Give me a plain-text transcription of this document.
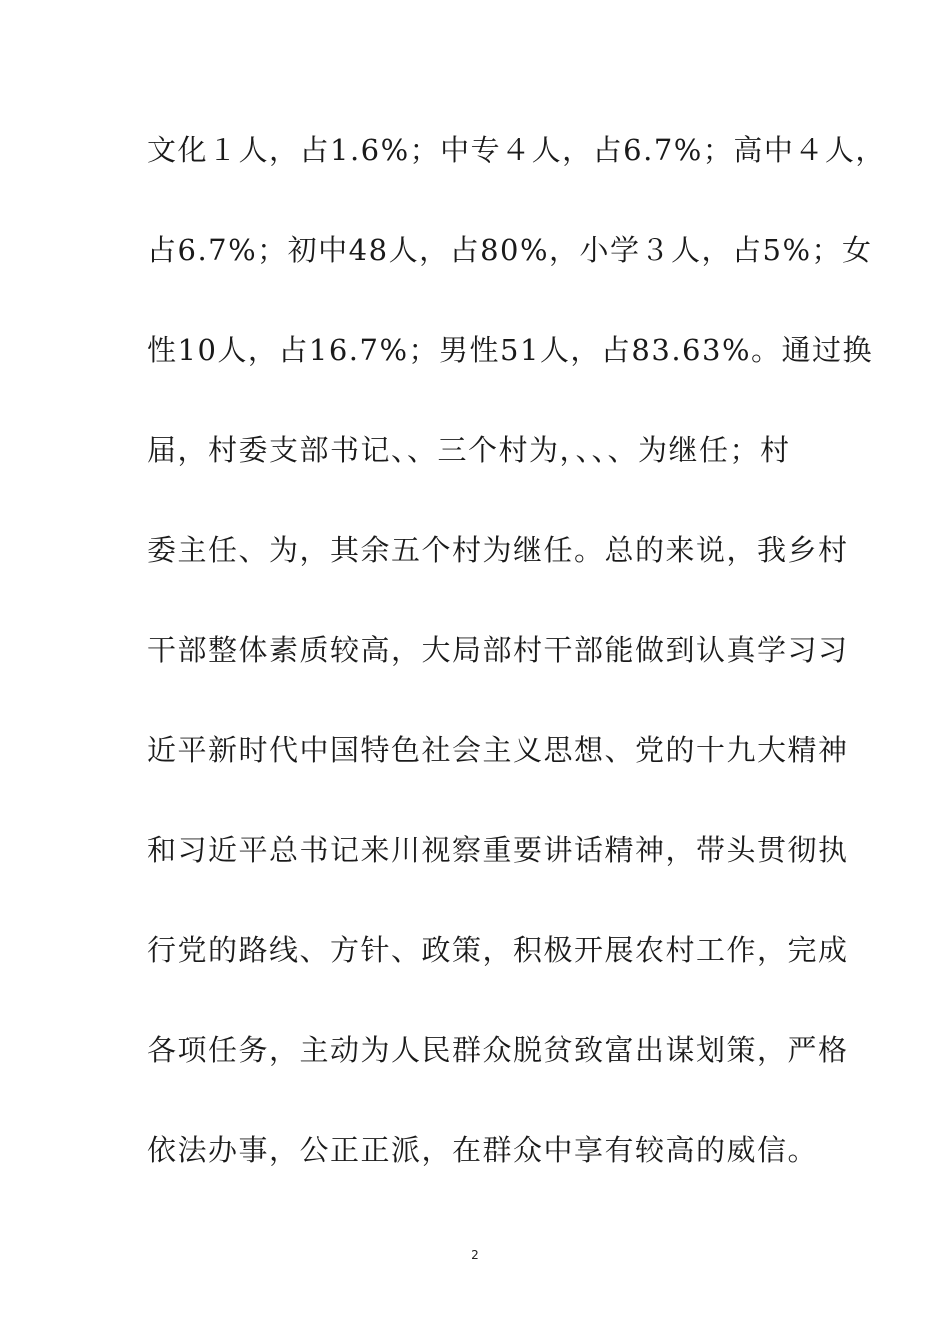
文化１人，占1.6%；中专４人，占6.7%；高中４人，
占6.7%；初中48人，占80%，小学３人，占5%；女
性10人，占16.7%；男性51人，占83.63%。通过换
届，村委支部书记、、三个村为，、、、为继任；村
委主任、为，其余五个村为继任。总的来说，我乡村
干部整体素质较高，大局部村干部能做到认真学习习
近平新时代中国特色社会主义思想、党的十九大精神
和习近平总书记来川视察重要讲话精神，带头贯彻执
行党的路线、方针、政策，积极开展农村工作，完成
各项任务，主动为人民群众脱贫致富出谋划策，严格
依法办事，公正正派，在群众中享有较高的威信。
2
